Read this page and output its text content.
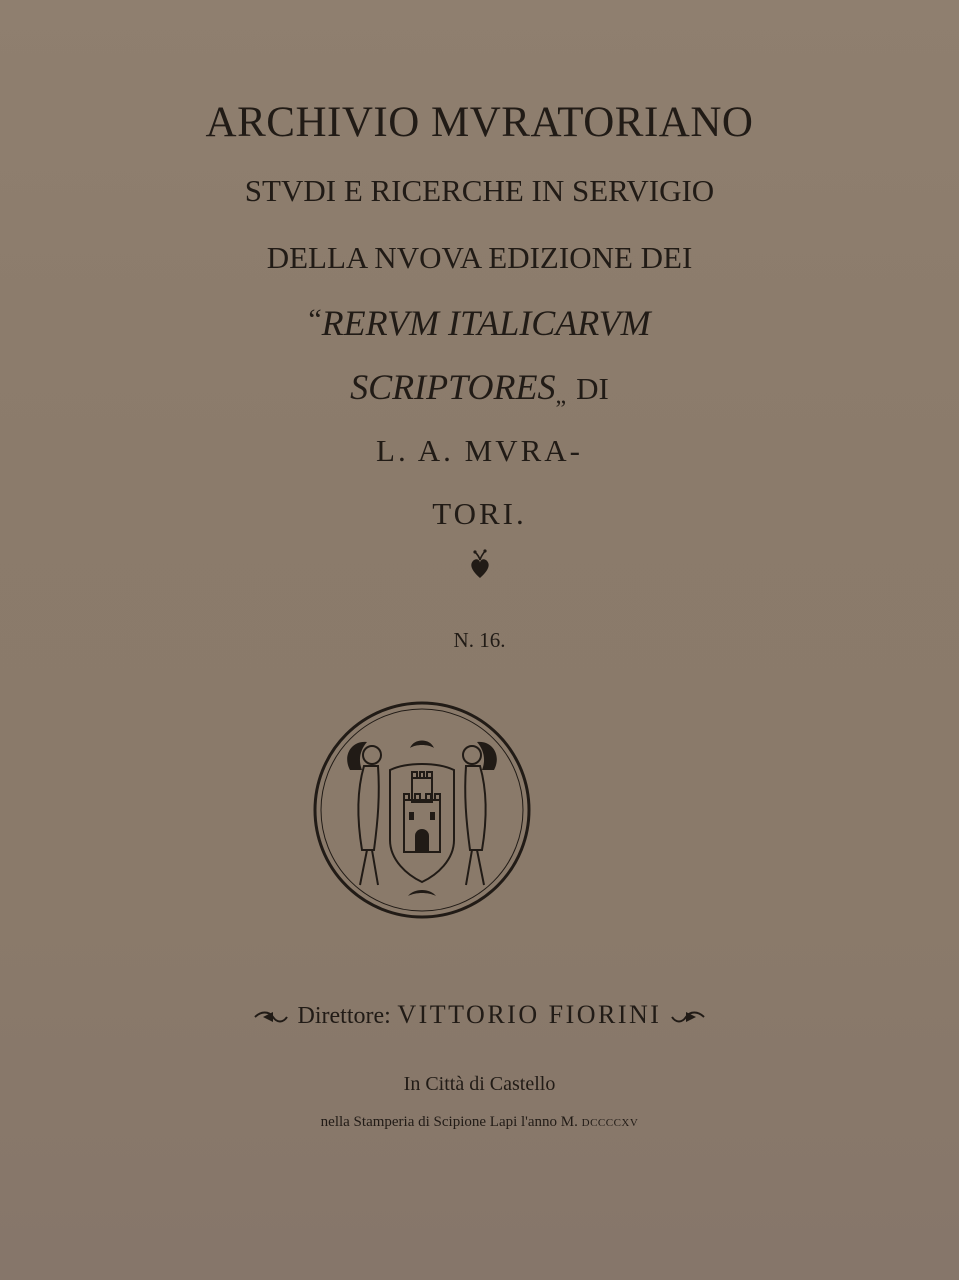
ARCHIVIO MVRATORIANO
STVDI E RICERCHE IN SERVIGIO
DELLA NVOVA EDIZIONE DEI
“RERVM ITALICARVM
SCRIPTORES„ DI
L. A. MVRA-
TORI.
N. 16.
Direttore: VITTORIO FIORINI
In Città di Castello
nella Stamperia di Scipione Lapi l'anno M. DCCCCXV
